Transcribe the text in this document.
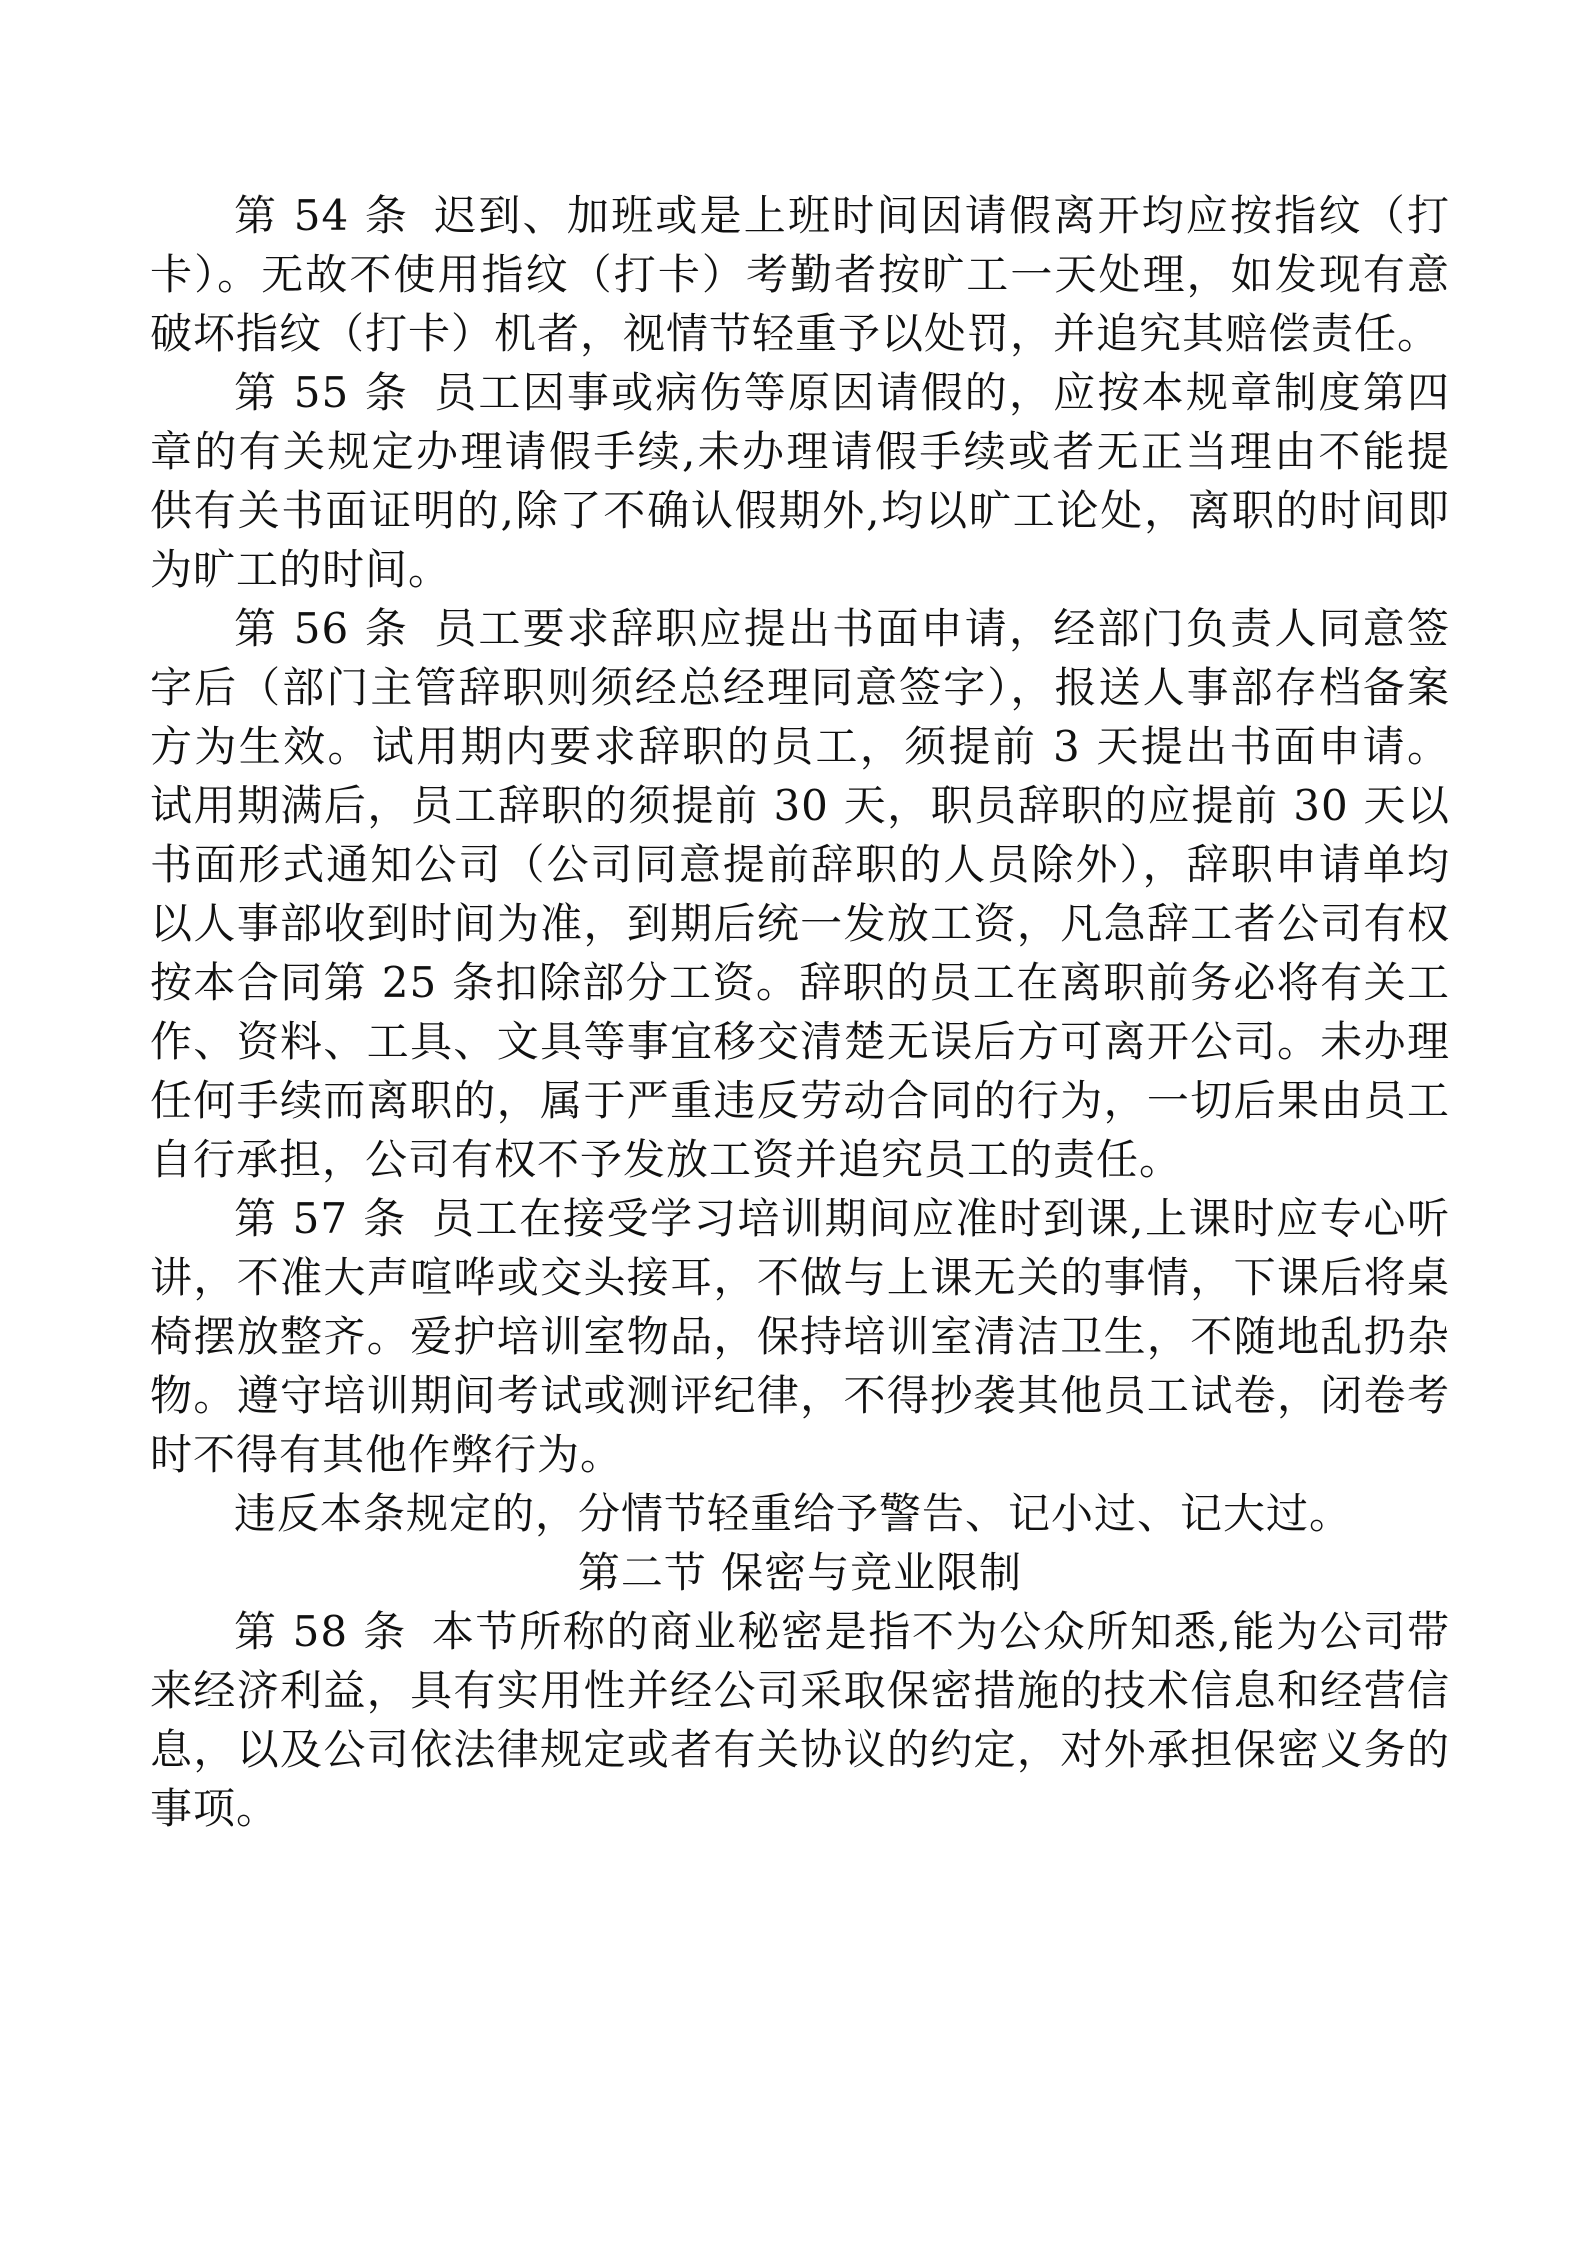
第 54 条 迟到、加班或是上班时间因请假离开均应按指纹（打卡）。无故不使用指纹（打卡）考勤者按旷工一天处理，如发现有意破坏指纹（打卡）机者，视情节轻重予以处罚，并追究其赔偿责任。

第 55 条 员工因事或病伤等原因请假的，应按本规章制度第四章的有关规定办理请假手续,未办理请假手续或者无正当理由不能提供有关书面证明的,除了不确认假期外,均以旷工论处，离职的时间即为旷工的时间。

第 56 条 员工要求辞职应提出书面申请，经部门负责人同意签字后（部门主管辞职则须经总经理同意签字），报送人事部存档备案方为生效。试用期内要求辞职的员工，须提前 3 天提出书面申请。试用期满后，员工辞职的须提前 30 天，职员辞职的应提前 30 天以书面形式通知公司（公司同意提前辞职的人员除外），辞职申请单均以人事部收到时间为准，到期后统一发放工资，凡急辞工者公司有权按本合同第 25 条扣除部分工资。辞职的员工在离职前务必将有关工作、资料、工具、文具等事宜移交清楚无误后方可离开公司。未办理任何手续而离职的，属于严重违反劳动合同的行为，一切后果由员工自行承担，公司有权不予发放工资并追究员工的责任。

第 57 条 员工在接受学习培训期间应准时到课,上课时应专心听讲，不准大声喧哗或交头接耳，不做与上课无关的事情，下课后将桌椅摆放整齐。爱护培训室物品，保持培训室清洁卫生，不随地乱扔杂物。遵守培训期间考试或测评纪律，不得抄袭其他员工试卷，闭卷考时不得有其他作弊行为。

违反本条规定的，分情节轻重给予警告、记小过、记大过。

第二节 保密与竞业限制

第 58 条 本节所称的商业秘密是指不为公众所知悉,能为公司带来经济利益，具有实用性并经公司采取保密措施的技术信息和经营信息，以及公司依法律规定或者有关协议的约定，对外承担保密义务的事项。
